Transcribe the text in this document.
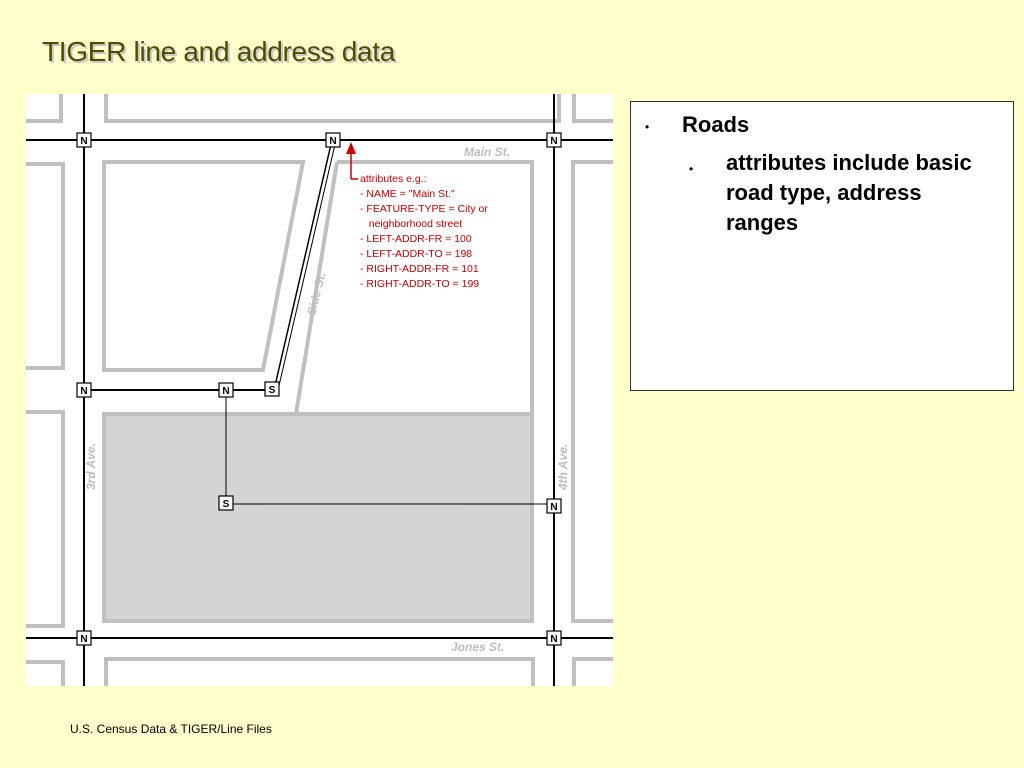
TIGER line and address data
attributes e.g.:
- NAME = "Main St."
- FEATURE-TYPE = City or
neighborhood street
- LEFT-ADDR-FR = 100
- LEFT-ADDR-TO = 198
- RIGHT-ADDR-FR = 101
- RIGHT-ADDR-TO = 199
Main St.
Jones St.
Side St.
3rd Ave.	4th Ave.
N	N	N
N	N	S
S	N
N	N
• Roads
• attributes include basic road type, address ranges
U.S. Census Data & TIGER/Line Files
